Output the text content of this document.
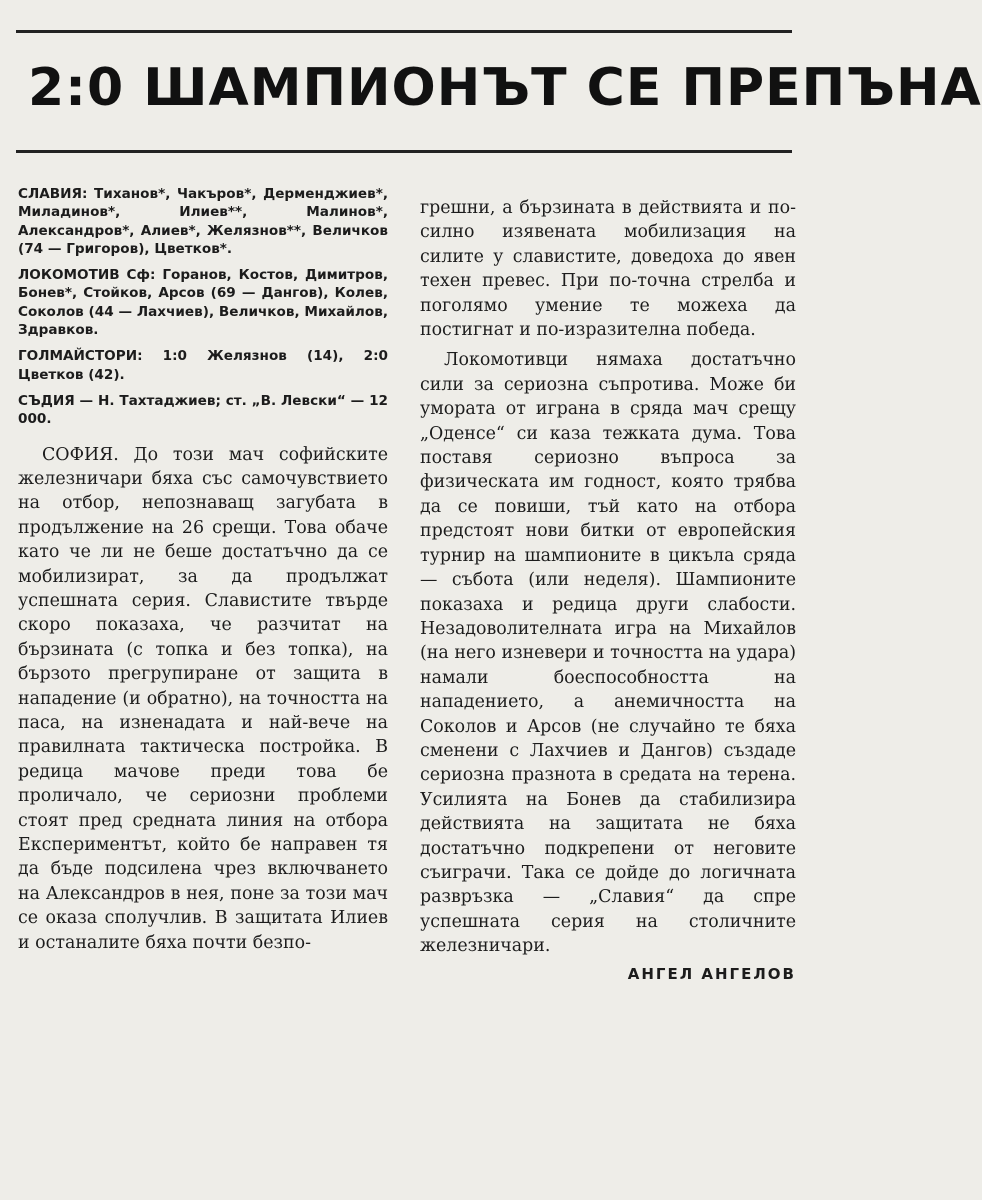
2:0 ШАМПИОНЪТ СЕ ПРЕПЪНА

СЛАВИЯ: Тиханов*, Чакъров*, Дерменджиев*, Миладинов*, Илиев**, Малинов*, Александров*, Алиев*, Желязнов**, Величков (74 — Григоров), Цветков*.

ЛОКОМОТИВ Сф: Горанов, Костов, Димитров, Бонев*, Стойков, Арсов (69 — Дангов), Колев, Соколов (44 — Лахчиев), Величков, Михайлов, Здравков.

ГОЛМАЙСТОРИ: 1:0 Желязнов (14), 2:0 Цветков (42).

СЪДИЯ — Н. Тахтаджиев; ст. „В. Левски“ — 12 000.

СОФИЯ. До този мач софийските железничари бяха със самочувствието на отбор, непознаващ загубата в продължение на 26 срещи. Това обаче като че ли не беше достатъчно да се мобилизират, за да продължат успешната серия. Славистите твърде скоро показаха, че разчитат на бързината (с топка и без топка), на бързото прегрупиране от защита в нападение (и обратно), на точността на паса, на изненадата и най-вече на правилната тактическа постройка. В редица мачове преди това бе проличало, че сериозни проблеми стоят пред средната линия на отбора Експериментът, който бе направен тя да бъде подсилена чрез включването на Александров в нея, поне за този мач се оказа сполучлив. В защитата Илиев и останалите бяха почти безпо-

грешни, а бързината в действията и по-силно изявената мобилизация на силите у славистите, доведоха до явен техен превес. При по-точна стрелба и поголямо умение те можеха да постигнат и по-изразителна победа.

Локомотивци нямаха достатъчно сили за сериозна съпротива. Може би умората от играна в сряда мач срещу „Оденсе“ си каза тежката дума. Това поставя сериозно въпроса за физическата им годност, която трябва да се повиши, тъй като на отбора предстоят нови битки от европейския турнир на шампионите в цикъла сряда — събота (или неделя). Шампионите показаха и редица други слабости. Незадоволителната игра на Михайлов (на него изневери и точността на удара) намали боеспособността на нападението, а анемичността на Соколов и Арсов (не случайно те бяха сменени с Лахчиев и Дангов) създаде сериозна празнота в средата на терена. Усилията на Бонев да стабилизира действията на защитата не бяха достатъчно подкрепени от неговите съиграчи. Така се дойде до логичната развръзка — „Славия“ да спре успешната серия на столичните железничари.

АНГЕЛ АНГЕЛОВ
